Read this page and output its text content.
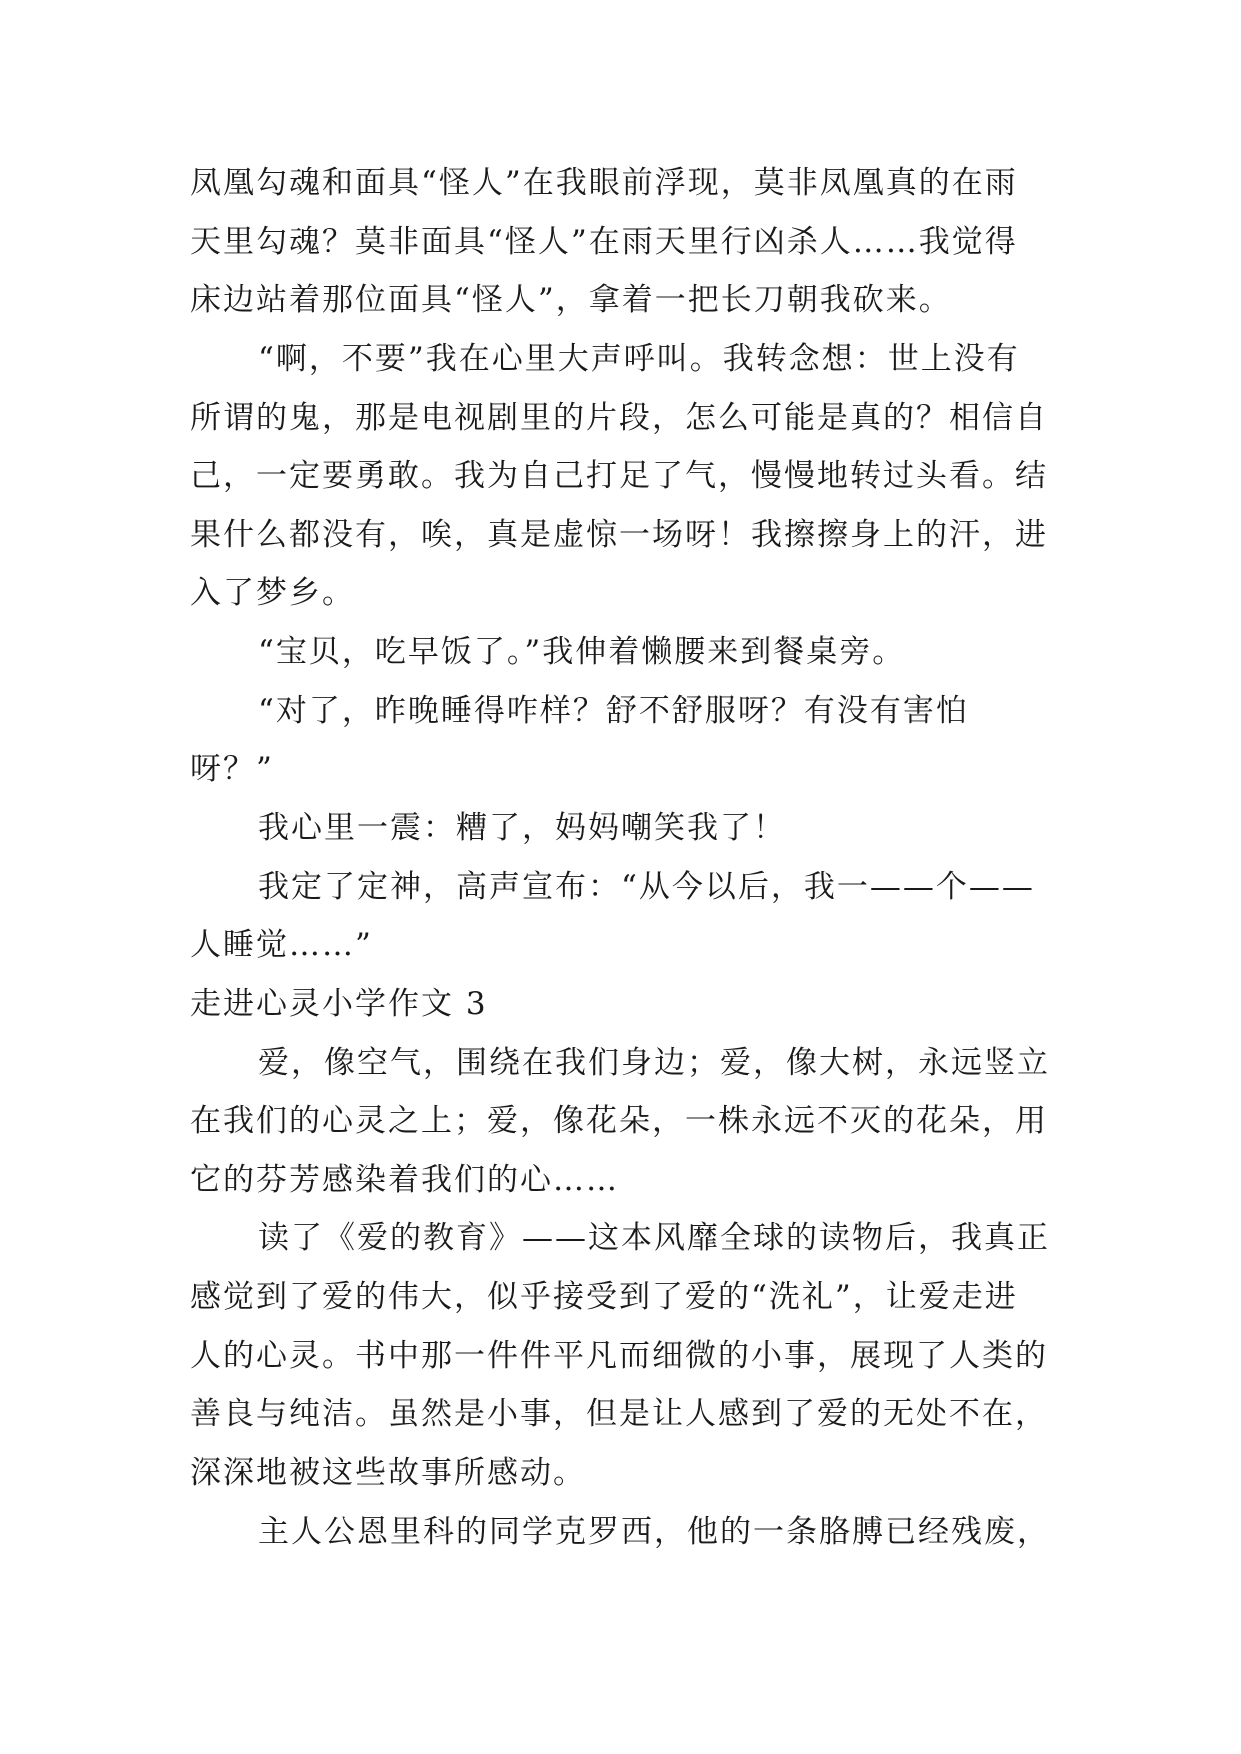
凤凰勾魂和面具“怪人”在我眼前浮现，莫非凤凰真的在雨
天里勾魂？莫非面具“怪人”在雨天里行凶杀人……我觉得
床边站着那位面具“怪人”，拿着一把长刀朝我砍来。
“啊，不要”我在心里大声呼叫。我转念想：世上没有
所谓的鬼，那是电视剧里的片段，怎么可能是真的？相信自
己，一定要勇敢。我为自己打足了气，慢慢地转过头看。结
果什么都没有，唉，真是虚惊一场呀！我擦擦身上的汗，进
入了梦乡。
“宝贝，吃早饭了。”我伸着懒腰来到餐桌旁。
“对了，昨晚睡得咋样？舒不舒服呀？有没有害怕
呀？”
我心里一震：糟了，妈妈嘲笑我了！
我定了定神，高声宣布：“从今以后，我一——个——
人睡觉……”
走进心灵小学作文 3
爱，像空气，围绕在我们身边；爱，像大树，永远竖立
在我们的心灵之上；爱，像花朵，一株永远不灭的花朵，用
它的芬芳感染着我们的心……
读了《爱的教育》——这本风靡全球的读物后，我真正
感觉到了爱的伟大，似乎接受到了爱的“洗礼”，让爱走进
人的心灵。书中那一件件平凡而细微的小事，展现了人类的
善良与纯洁。虽然是小事，但是让人感到了爱的无处不在，
深深地被这些故事所感动。
主人公恩里科的同学克罗西，他的一条胳膊已经残废，
